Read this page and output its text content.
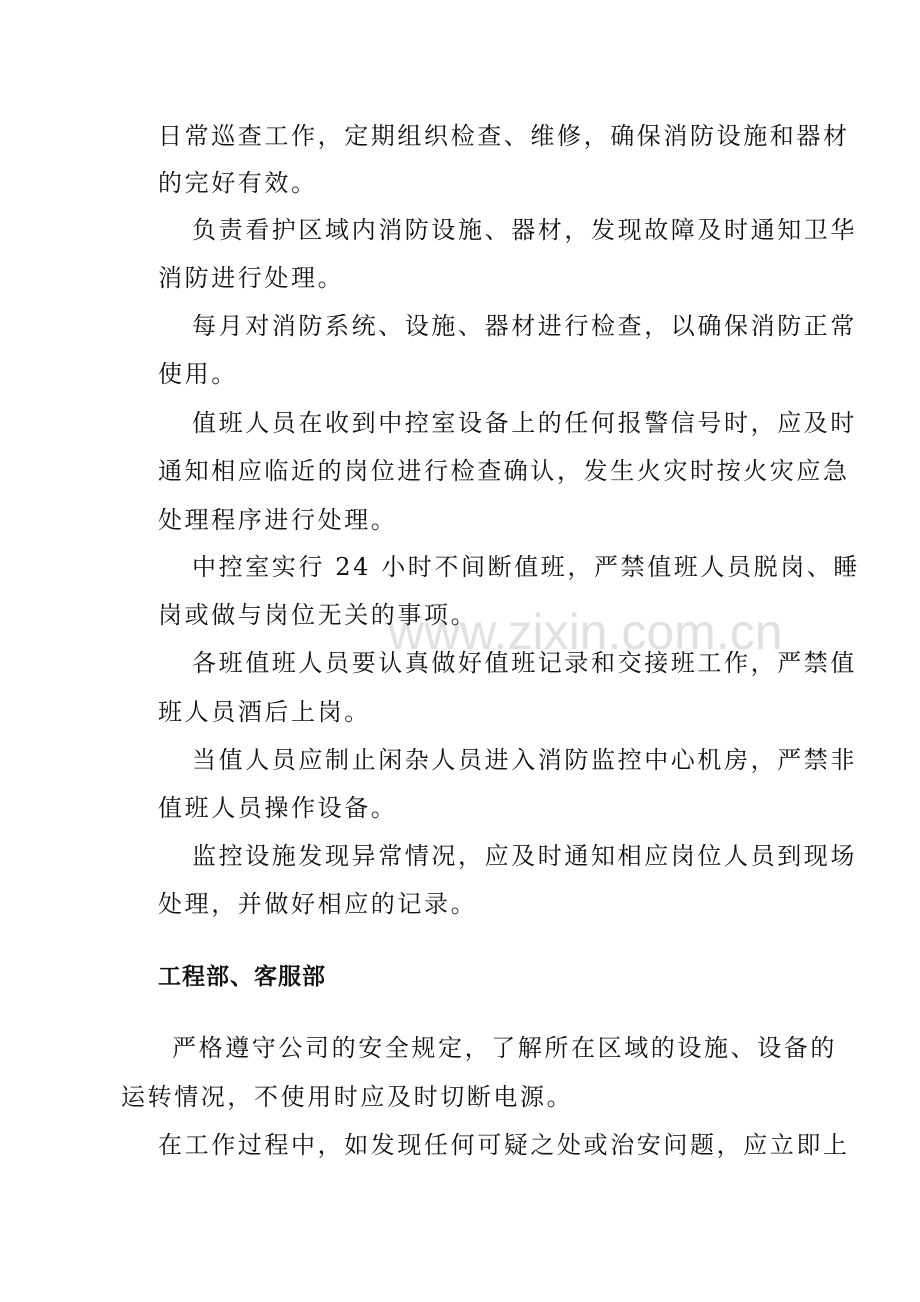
www.zixin.com.cn
日常巡查工作，定期组织检查、维修，确保消防设施和器材
的完好有效。
负责看护区域内消防设施、器材，发现故障及时通知卫华
消防进行处理。
每月对消防系统、设施、器材进行检查，以确保消防正常
使用。
值班人员在收到中控室设备上的任何报警信号时，应及时
通知相应临近的岗位进行检查确认，发生火灾时按火灾应急
处理程序进行处理。
中控室实行 24 小时不间断值班，严禁值班人员脱岗、睡
岗或做与岗位无关的事项。
各班值班人员要认真做好值班记录和交接班工作，严禁值
班人员酒后上岗。
当值人员应制止闲杂人员进入消防监控中心机房，严禁非
值班人员操作设备。
监控设施发现异常情况，应及时通知相应岗位人员到现场
处理，并做好相应的记录。
工程部、客服部
严格遵守公司的安全规定，了解所在区域的设施、设备的
运转情况，不使用时应及时切断电源。
在工作过程中，如发现任何可疑之处或治安问题，应立即上
